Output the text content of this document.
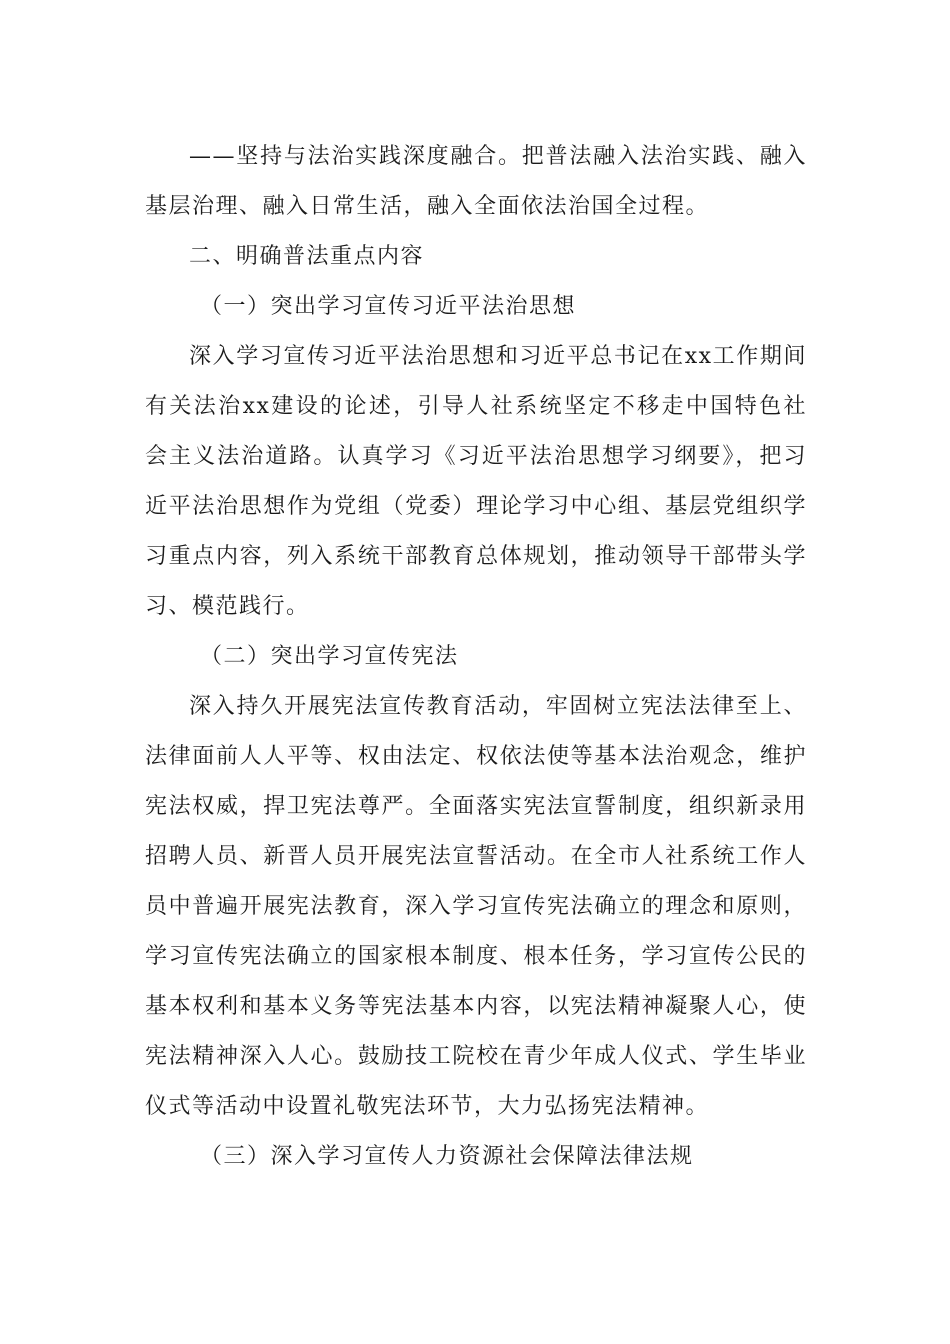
——坚持与法治实践深度融合。把普法融入法治实践、融入基层治理、融入日常生活，融入全面依法治国全过程。

二、明确普法重点内容

（一）突出学习宣传习近平法治思想

深入学习宣传习近平法治思想和习近平总书记在xx工作期间有关法治xx建设的论述，引导人社系统坚定不移走中国特色社会主义法治道路。认真学习《习近平法治思想学习纲要》，把习近平法治思想作为党组（党委）理论学习中心组、基层党组织学习重点内容，列入系统干部教育总体规划，推动领导干部带头学习、模范践行。

（二）突出学习宣传宪法

深入持久开展宪法宣传教育活动，牢固树立宪法法律至上、法律面前人人平等、权由法定、权依法使等基本法治观念，维护宪法权威，捍卫宪法尊严。全面落实宪法宣誓制度，组织新录用招聘人员、新晋人员开展宪法宣誓活动。在全市人社系统工作人员中普遍开展宪法教育，深入学习宣传宪法确立的理念和原则，学习宣传宪法确立的国家根本制度、根本任务，学习宣传公民的基本权利和基本义务等宪法基本内容，以宪法精神凝聚人心，使宪法精神深入人心。鼓励技工院校在青少年成人仪式、学生毕业仪式等活动中设置礼敬宪法环节，大力弘扬宪法精神。

（三）深入学习宣传人力资源社会保障法律法规
